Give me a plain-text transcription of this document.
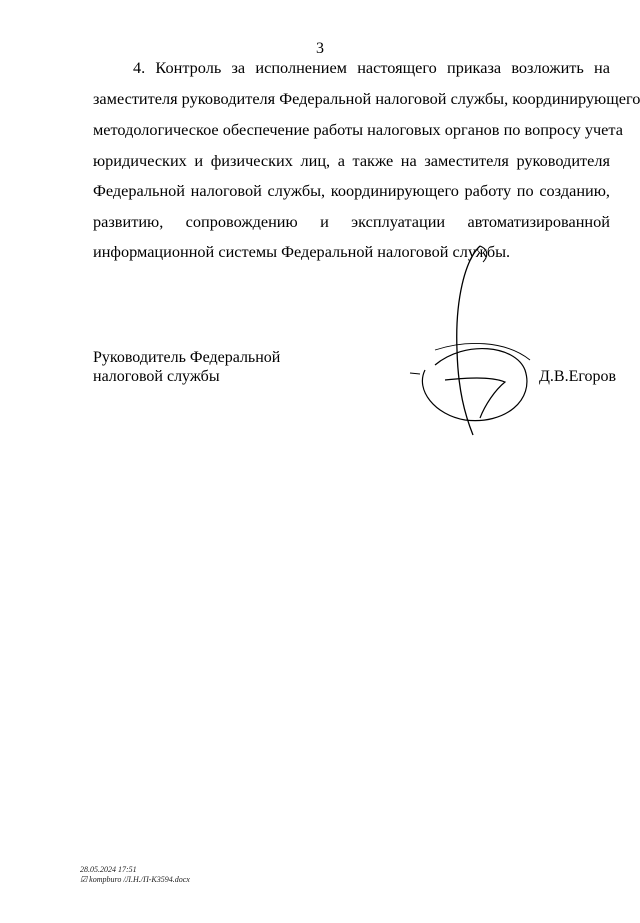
3
4. Контроль за исполнением настоящего приказа возложить на
заместителя руководителя Федеральной налоговой службы, координирующего
методологическое обеспечение работы налоговых органов по вопросу учета
юридических и физических лиц, а также на заместителя руководителя
Федеральной налоговой службы, координирующего работу по созданию,
развитию, сопровождению и эксплуатации автоматизированной
информационной системы Федеральной налоговой службы.
Руководитель Федеральной
налоговой службы	Д.В.Егоров
28.05.2024 17:51
☑ kompburo /Л.Н./П-К3594.docx
